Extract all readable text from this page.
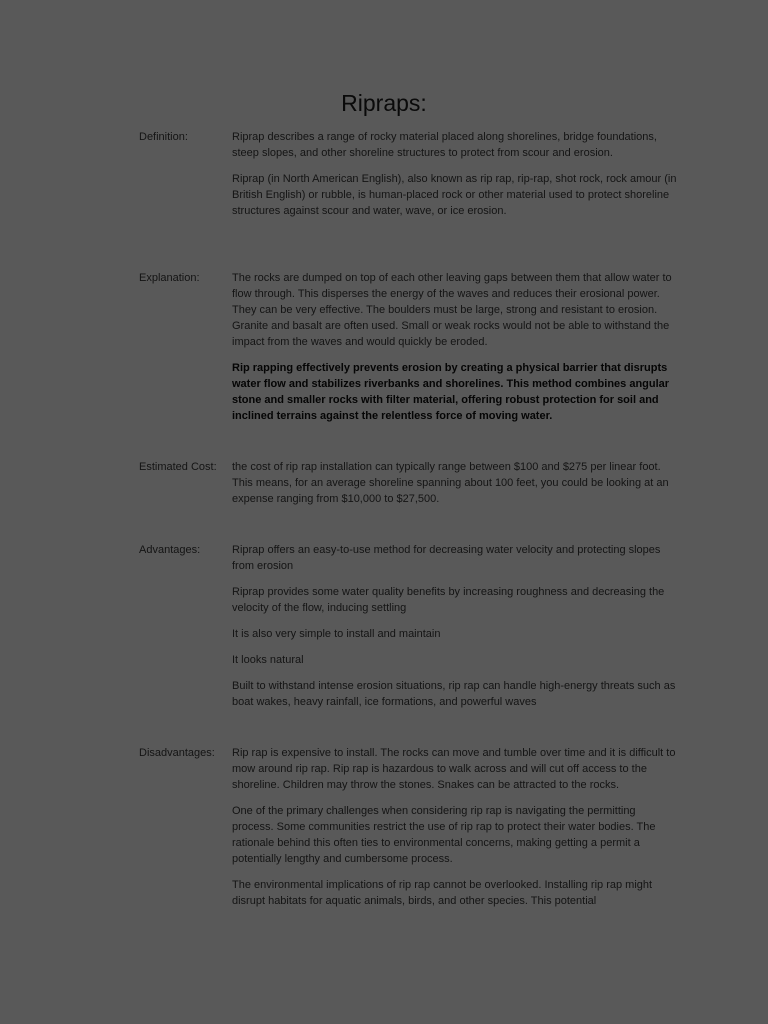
Ripraps:
Definition:	Riprap describes a range of rocky material placed along shorelines, bridge foundations, steep slopes, and other shoreline structures to protect from scour and erosion.

Riprap (in North American English), also known as rip rap, rip-rap, shot rock, rock amour (in British English) or rubble, is human-placed rock or other material used to protect shoreline structures against scour and water, wave, or ice erosion.

Explanation:	The rocks are dumped on top of each other leaving gaps between them that allow water to flow through. This disperses the energy of the waves and reduces their erosional power. They can be very effective. The boulders must be large, strong and resistant to erosion. Granite and basalt are often used. Small or weak rocks would not be able to withstand the impact from the waves and would quickly be eroded.

Rip rapping effectively prevents erosion by creating a physical barrier that disrupts water flow and stabilizes riverbanks and shorelines. This method combines angular stone and smaller rocks with filter material, offering robust protection for soil and inclined terrains against the relentless force of moving water.

Estimated Cost:	the cost of rip rap installation can typically range between $100 and $275 per linear foot. This means, for an average shoreline spanning about 100 feet, you could be looking at an expense ranging from $10,000 to $27,500.

Advantages:	Riprap offers an easy-to-use method for decreasing water velocity and protecting slopes from erosion

Riprap provides some water quality benefits by increasing roughness and decreasing the velocity of the flow, inducing settling

It is also very simple to install and maintain

It looks natural

Built to withstand intense erosion situations, rip rap can handle high-energy threats such as boat wakes, heavy rainfall, ice formations, and powerful waves

Disadvantages:	Rip rap is expensive to install. The rocks can move and tumble over time and it is difficult to mow around rip rap. Rip rap is hazardous to walk across and will cut off access to the shoreline. Children may throw the stones. Snakes can be attracted to the rocks.

One of the primary challenges when considering rip rap is navigating the permitting process. Some communities restrict the use of rip rap to protect their water bodies. The rationale behind this often ties to environmental concerns, making getting a permit a potentially lengthy and cumbersome process.

The environmental implications of rip rap cannot be overlooked. Installing rip rap might disrupt habitats for aquatic animals, birds, and other species. This potential
